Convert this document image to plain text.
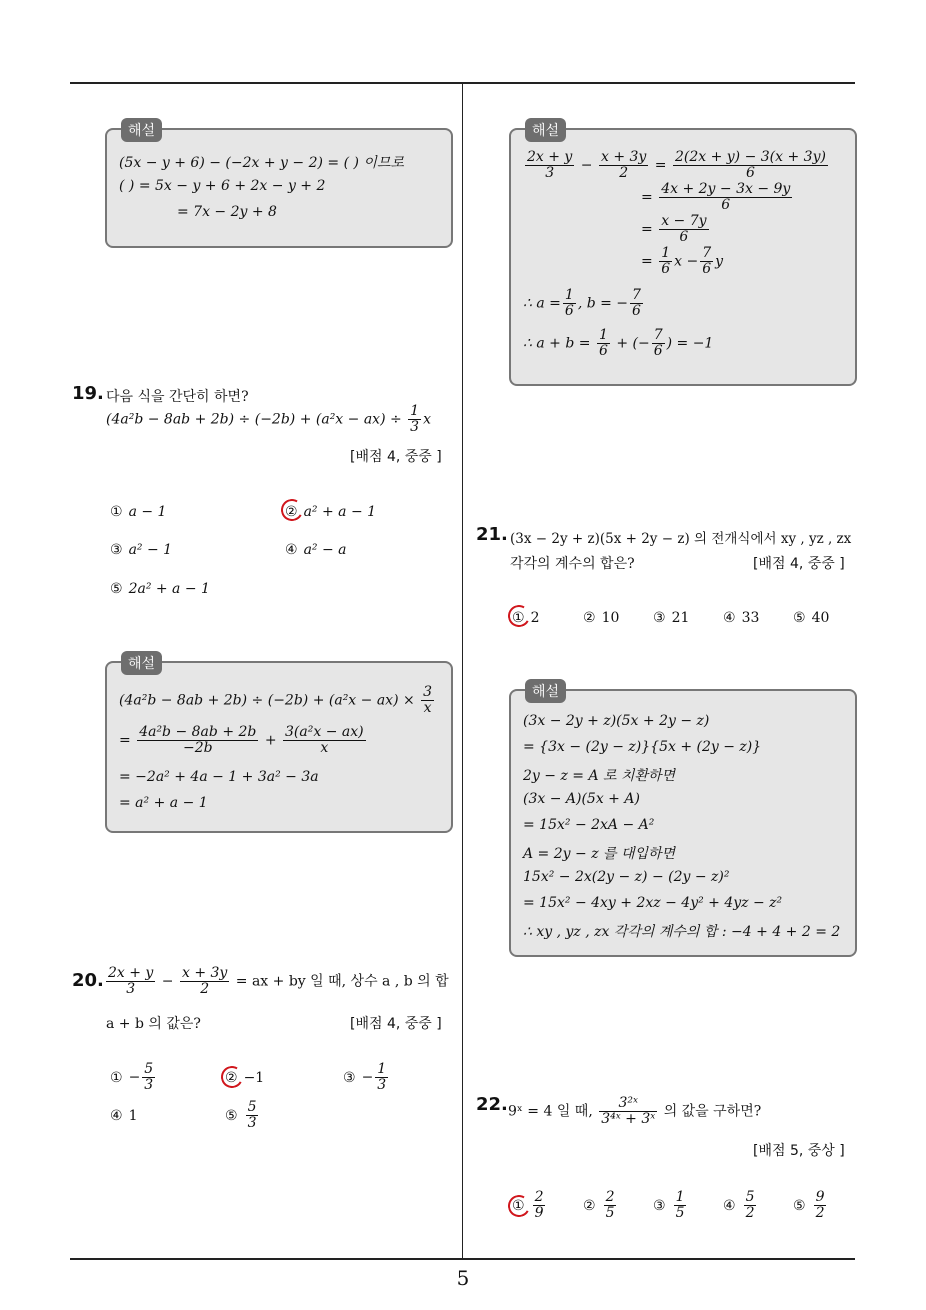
5
해설
(5x − y + 6) − (−2x + y − 2) = ( ) 이므로
( ) = 5x − y + 6 + 2x − y + 2
= 7x − 2y + 8
19. 다음 식을 간단히 하면?
$(4a^2b - 8ab + 2b) \div (-2b) + (a^2x - ax) \div \frac{1}{3}$ x
[배점 4, 중중 ]
① a − 1	② a² + a − 1
③ a² − 1	④ a² − a
⑤ 2a² + a − 1
해설
$(4a^2b - 8ab + 2b) \div (-2b) + (a^2x - ax) \times \frac{3}{x}$
= $\frac{\text{4a²b − 8ab + 2b}}{-2b} + \frac{\text{3(a²x − ax)}}{x}$
= −2a² + 4a − 1 + 3a² − 3a
= a² + a − 1
20. $\frac{2x + y}{3} - \frac{x + 3y}{2}$ = ax + by 일 때, 상수 a , b 의 합
a + b 의 값은?	[배점 4, 중중 ]
① − $\frac{5}{3}$	② −1	③ − $\frac{1}{3}$
④ 1	⑤ $\frac{5}{3}$
해설
$\frac{2x + y}{3} - \frac{x + 3y}{2} = \frac{2(2x + y) - 3(x + 3y)}{6}$
= $\frac{4x + 2y - 3x - 9y}{6}$
= $\frac{x - 7y}{6}$
= $\frac{1}{6}$ $x - \frac{7}{6}$ y
∴ $a = \frac{1}{6}$ , b = − $\frac{7}{6}$
∴ $a + b = \frac{1}{6}$ + (− $\frac{7}{6}$ ) = −1
21. (3x − 2y + z)(5x + 2y − z) 의 전개식에서 xy , yz , zx
각각의 계수의 합은?	[배점 4, 중중 ]
① 2	② 10 ③ 21 ④ 33 ⑤ 40
해설
(3x − 2y + z)(5x + 2y − z)
= {3x − (2y − z)}{5x + (2y − z)}
2y − z = A 로 치환하면
(3x − A)(5x + A)
= 15x² − 2xA − A²
A = 2y − z 를 대입하면
15x² − 2x(2y − z) − (2y − z)²
= 15x² − 4xy + 2xz − 4y² + 4yz − z²
∴ xy , yz , zx 각각의 계수의 합 : −4 + 4 + 2 = 2
22. 9ˣ = 4 일 때, $\frac{\text{3²ˣ}}{\text{3⁴ˣ + 3ˣ}}$ 의 값을 구하면?
[배점 5, 중상 ]
① $\frac{2}{9}$	② $\frac{2}{5}$	③ $\frac{1}{5}$	④ $\frac{5}{2}$	⑤ $\frac{9}{2}$
